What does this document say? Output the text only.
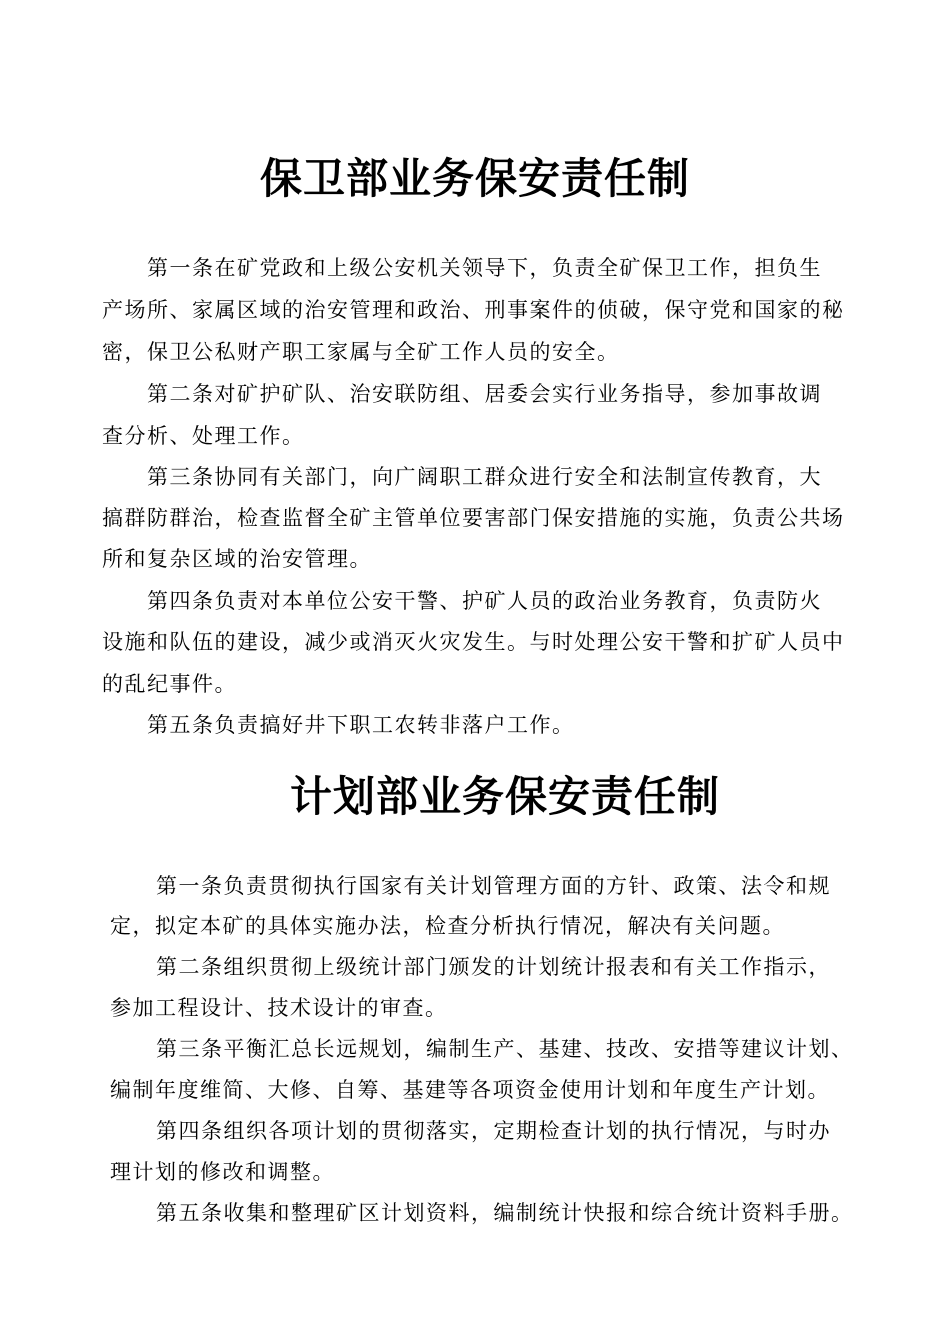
保卫部业务保安责任制
第一条在矿党政和上级公安机关领导下，负责全矿保卫工作，担负生
产场所、家属区域的治安管理和政治、刑事案件的侦破，保守党和国家的秘
密，保卫公私财产职工家属与全矿工作人员的安全。
第二条对矿护矿队、治安联防组、居委会实行业务指导，参加事故调
查分析、处理工作。
第三条协同有关部门，向广阔职工群众进行安全和法制宣传教育，大
搞群防群治，检查监督全矿主管单位要害部门保安措施的实施，负责公共场
所和复杂区域的治安管理。
第四条负责对本单位公安干警、护矿人员的政治业务教育，负责防火
设施和队伍的建设，减少或消灭火灾发生。与时处理公安干警和扩矿人员中
的乱纪事件。
第五条负责搞好井下职工农转非落户工作。
计划部业务保安责任制
第一条负责贯彻执行国家有关计划管理方面的方针、政策、法令和规
定，拟定本矿的具体实施办法，检查分析执行情况，解决有关问题。
第二条组织贯彻上级统计部门颁发的计划统计报表和有关工作指示，
参加工程设计、技术设计的审查。
第三条平衡汇总长远规划，编制生产、基建、技改、安措等建议计划、
编制年度维简、大修、自筹、基建等各项资金使用计划和年度生产计划。
第四条组织各项计划的贯彻落实，定期检查计划的执行情况，与时办
理计划的修改和调整。
第五条收集和整理矿区计划资料，编制统计快报和综合统计资料手册。
